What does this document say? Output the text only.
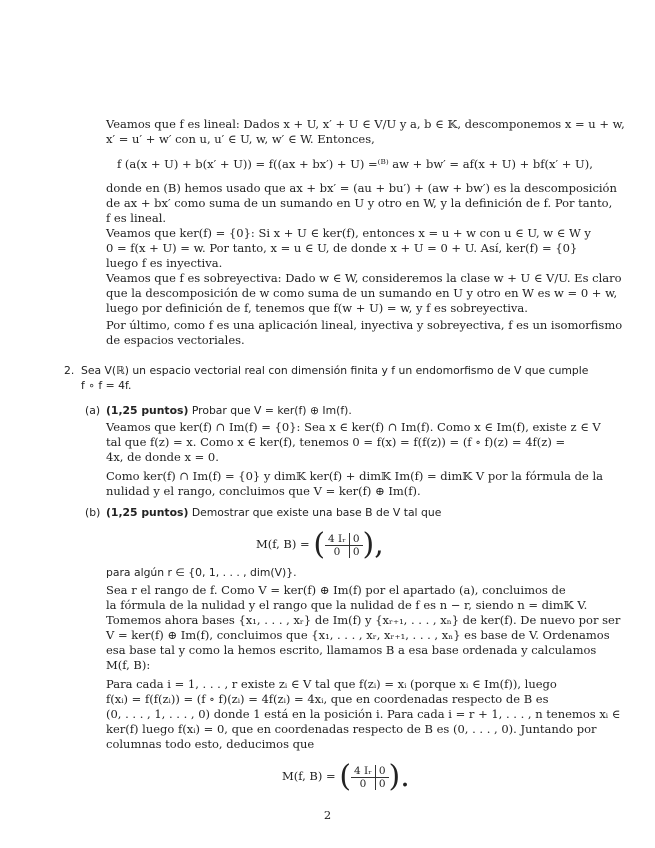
Veamos que f es lineal: Dados x + U, x′ + U ∈ V/U y a, b ∈ 𝕂, descomponemos x = u + w,
x′ = u′ + w′ con u, u′ ∈ U, w, w′ ∈ W. Entonces,
f (a(x + U) + b(x′ + U)) = f((ax + bx′) + U) =⁽ᴮ⁾ aw + bw′ = af(x + U) + bf(x′ + U),
donde en (B) hemos usado que ax + bx′ = (au + bu′) + (aw + bw′) es la descomposición
de ax + bx′ como suma de un sumando en U y otro en W, y la definición de f. Por tanto,
f es lineal.
Veamos que ker(f) = {0}: Si x + U ∈ ker(f), entonces x = u + w con u ∈ U, w ∈ W y
0 = f(x + U) = w. Por tanto, x = u ∈ U, de donde x + U = 0 + U. Así, ker(f) = {0}
luego f es inyectiva.
Veamos que f es sobreyectiva: Dado w ∈ W, consideremos la clase w + U ∈ V/U. Es claro
que la descomposición de w como suma de un sumando en U y otro en W es w = 0 + w,
luego por definición de f, tenemos que f(w + U) = w, y f es sobreyectiva.
Por último, como f es una aplicación lineal, inyectiva y sobreyectiva, f es un isomorfismo
de espacios vectoriales.
2. Sea V(ℝ) un espacio vectorial real con dimensión finita y f un endomorfismo de V que cumple
f ∘ f = 4f.
(a) (1,25 puntos) Probar que V = ker(f) ⊕ Im(f).
Veamos que ker(f) ∩ Im(f) = {0}: Sea x ∈ ker(f) ∩ Im(f). Como x ∈ Im(f), existe z ∈ V
tal que f(z) = x. Como x ∈ ker(f), tenemos 0 = f(x) = f(f(z)) = (f ∘ f)(z) = 4f(z) =
4x, de donde x = 0.
Como ker(f) ∩ Im(f) = {0} y dim𝕂 ker(f) + dim𝕂 Im(f) = dim𝕂 V por la fórmula de la
nulidad y el rango, concluimos que V = ker(f) ⊕ Im(f).
(b) (1,25 puntos) Demostrar que existe una base B de V tal que
M(f, B) = ( 4 Iᵣ	0
0	0 ),
para algún r ∈ {0, 1, . . . , dim(V)}.
Sea r el rango de f. Como V = ker(f) ⊕ Im(f) por el apartado (a), concluimos de
la fórmula de la nulidad y el rango que la nulidad de f es n − r, siendo n = dim𝕂 V.
Tomemos ahora bases {x₁, . . . , xᵣ} de Im(f) y {xᵣ₊₁, . . . , xₙ} de ker(f). De nuevo por ser
V = ker(f) ⊕ Im(f), concluimos que {x₁, . . . , xᵣ, xᵣ₊₁, . . . , xₙ} es base de V. Ordenamos
esa base tal y como la hemos escrito, llamamos B a esa base ordenada y calculamos
M(f, B):
Para cada i = 1, . . . , r existe zᵢ ∈ V tal que f(zᵢ) = xᵢ (porque xᵢ ∈ Im(f)), luego
f(xᵢ) = f(f(zᵢ)) = (f ∘ f)(zᵢ) = 4f(zᵢ) = 4xᵢ, que en coordenadas respecto de B es
(0, . . . , 1, . . . , 0) donde 1 está en la posición i. Para cada i = r + 1, . . . , n tenemos xᵢ ∈
ker(f) luego f(xᵢ) = 0, que en coordenadas respecto de B es (0, . . . , 0). Juntando por
columnas todo esto, deducimos que
M(f, B) = ( 4 Iᵣ	0
0	0 ).
2
